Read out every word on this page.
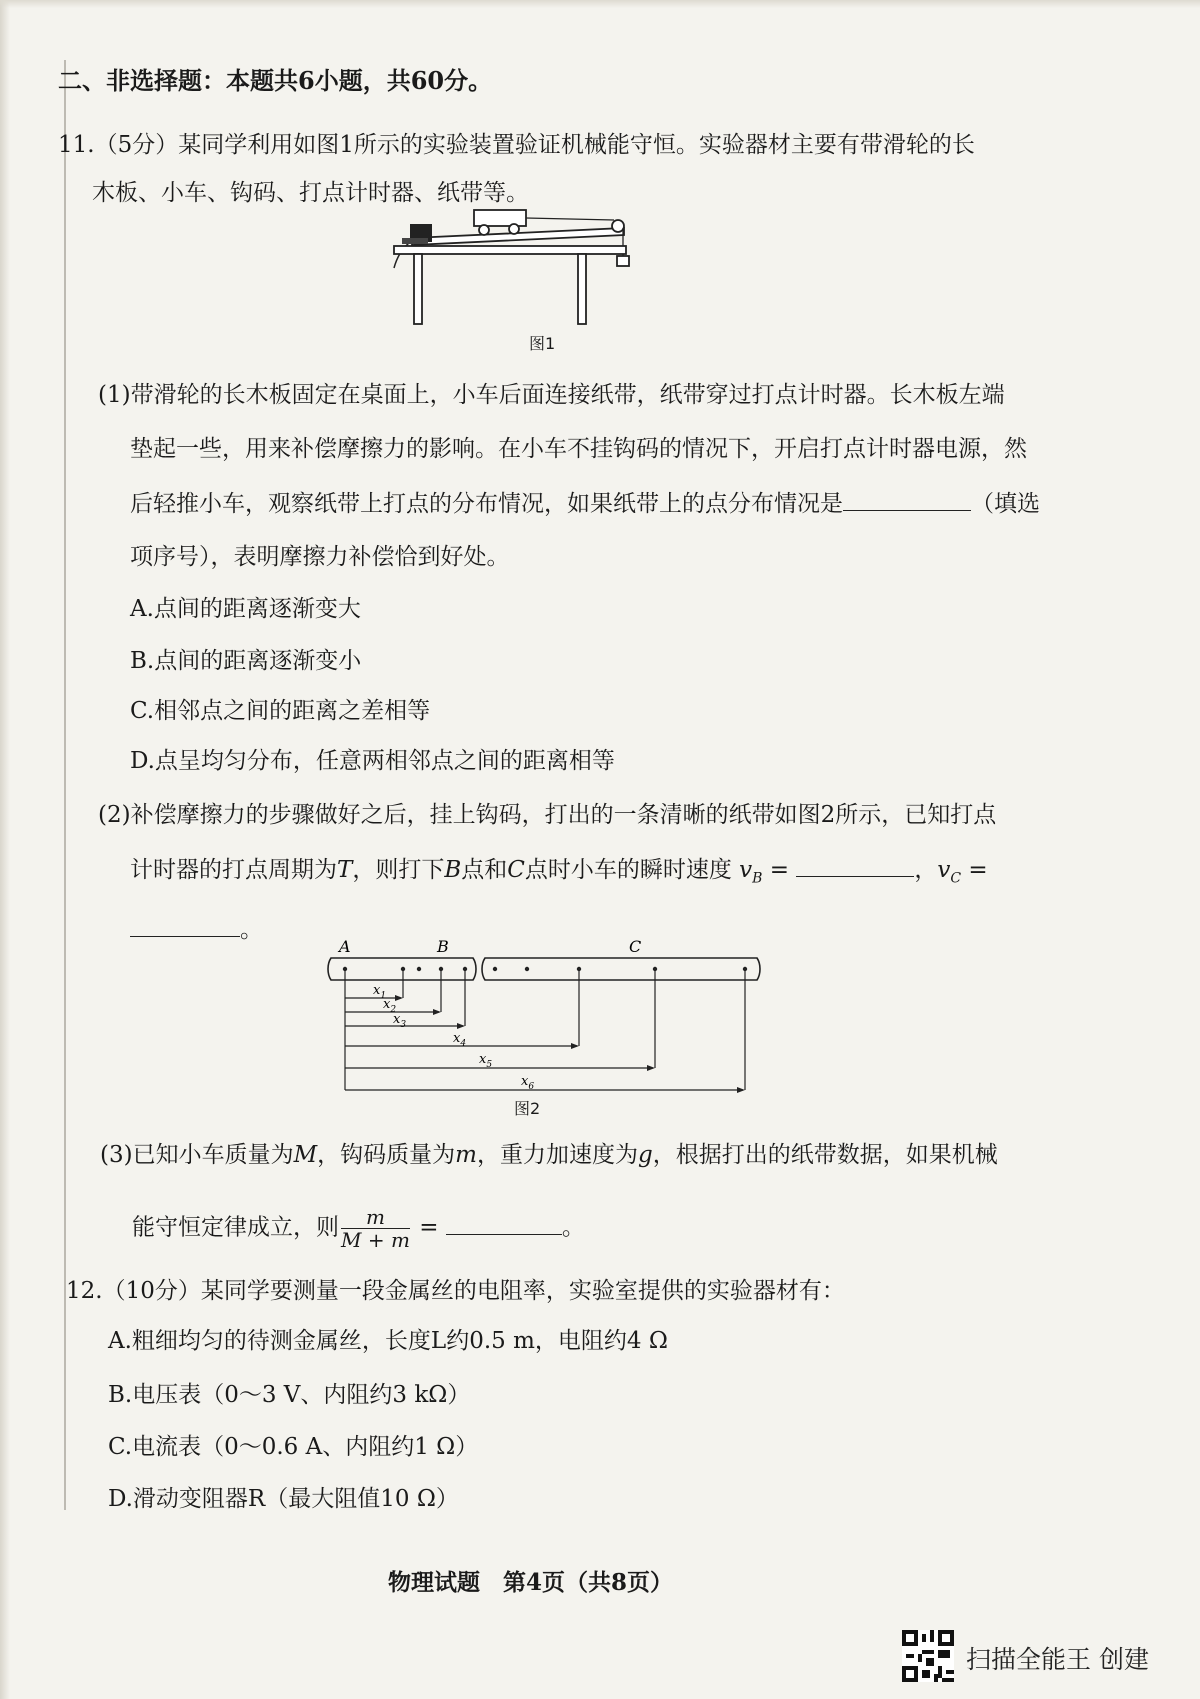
二、非选择题：本题共6小题，共60分。
11.（5分）某同学利用如图1所示的实验装置验证机械能守恒。实验器材主要有带滑轮的长
木板、小车、钩码、打点计时器、纸带等。
图1
(1)带滑轮的长木板固定在桌面上，小车后面连接纸带，纸带穿过打点计时器。长木板左端
垫起一些，用来补偿摩擦力的影响。在小车不挂钩码的情况下，开启打点计时器电源，然
后轻推小车，观察纸带上打点的分布情况，如果纸带上的点分布情况是	（填选
项序号），表明摩擦力补偿恰到好处。
A.点间的距离逐渐变大
B.点间的距离逐渐变小
C.相邻点之间的距离之差相等
D.点呈均匀分布，任意两相邻点之间的距离相等
(2)补偿摩擦力的步骤做好之后，挂上钩码，打出的一条清晰的纸带如图2所示，已知打点
计时器的打点周期为T，则打下B点和C点时小车的瞬时速度 $v_B$ =	，$v_C$ =
。
A	B	C
$x_1$
$x_2$
$x_3$
$x_4$
$x_5$
$x_6$
图2
(3)已知小车质量为M，钩码质量为m，重力加速度为g，根据打出的纸带数据，如果机械
能守恒定律成立，则 $\frac{m}{M + m}$ =	。
12.（10分）某同学要测量一段金属丝的电阻率，实验室提供的实验器材有：
A.粗细均匀的待测金属丝，长度L约0.5 m，电阻约4 Ω
B.电压表（0～3 V、内阻约3 kΩ）
C.电流表（0～0.6 A、内阻约1 Ω）
D.滑动变阻器R（最大阻值10 Ω）
物理试题　第4页（共8页）
扫描全能王 创建
